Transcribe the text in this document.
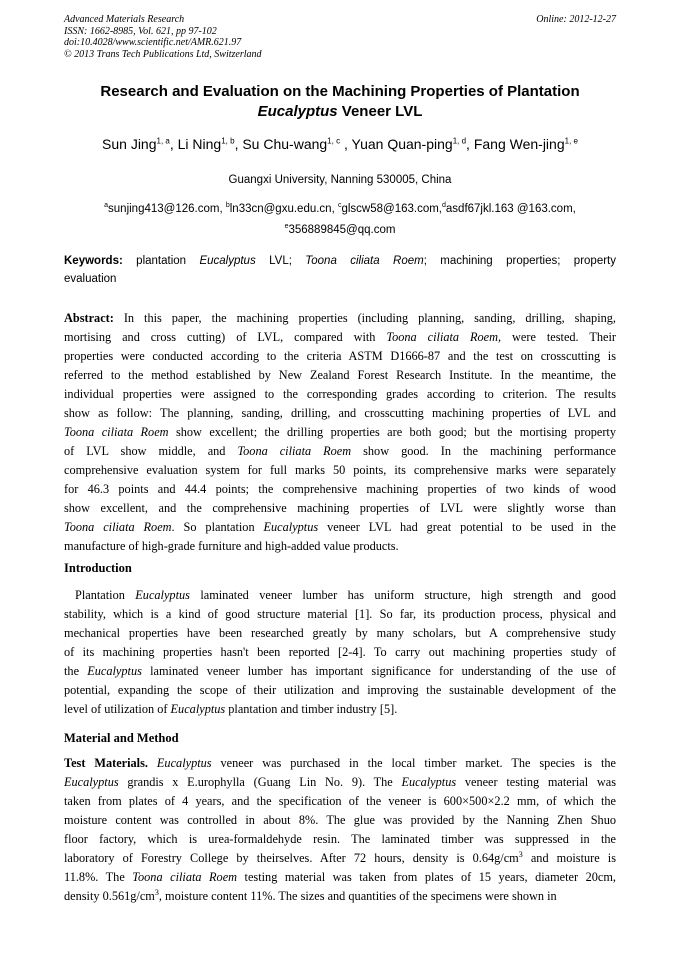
Advanced Materials Research
ISSN: 1662-8985, Vol. 621, pp 97-102
doi:10.4028/www.scientific.net/AMR.621.97
© 2013 Trans Tech Publications Ltd, Switzerland
Online: 2012-12-27
Research and Evaluation on the Machining Properties of Plantation
Eucalyptus Veneer LVL
Sun Jing$^{1, a}$, Li Ning$^{1, b}$, Su Chu-wang$^{1, c}$ , Yuan Quan-ping$^{1, d}$, Fang Wen-jing$^{1, e}$
Guangxi University, Nanning 530005, China
$^a$sunjing413@126.com, $^b$ln33cn@gxu.edu.cn, $^c$glscw58@163.com,$^d$asdf67jkl.163 @163.com,
$^e$356889845@qq.com
Keywords: plantation Eucalyptus LVL; Toona ciliata Roem; machining properties; property
evaluation
Abstract: In this paper, the machining properties (including planning, sanding, drilling, shaping,
mortising and cross cutting) of LVL, compared with Toona ciliata Roem, were tested. Their
properties were conducted according to the criteria ASTM D1666-87 and the test on crosscutting is
referred to the method established by New Zealand Forest Research Institute. In the meantime, the
individual properties were assigned to the corresponding grades according to criterion. The results
show as follow: The planning, sanding, drilling, and crosscutting machining properties of LVL and
Toona ciliata Roem show excellent; the drilling properties are both good; but the mortising property
of LVL show middle, and Toona ciliata Roem show good. In the machining performance
comprehensive evaluation system for full marks 50 points, its comprehensive marks were separately
for 46.3 points and 44.4 points; the comprehensive machining properties of two kinds of wood
show excellent, and the comprehensive machining properties of LVL were slightly worse than
Toona ciliata Roem. So plantation Eucalyptus veneer LVL had great potential to be used in the
manufacture of high-grade furniture and high-added value products.
Introduction
Plantation Eucalyptus laminated veneer lumber has uniform structure, high strength and good
stability, which is a kind of good structure material [1]. So far, its production process, physical and
mechanical properties have been researched greatly by many scholars, but A comprehensive study
of its machining properties hasn't been reported [2-4]. To carry out machining properties study of
the Eucalyptus laminated veneer lumber has important significance for understanding of the use of
potential, expanding the scope of their utilization and improving the sustainable development of the
level of utilization of Eucalyptus plantation and timber industry [5].
Material and Method
Test Materials. Eucalyptus veneer was purchased in the local timber market. The species is the
Eucalyptus grandis x E.urophylla (Guang Lin No. 9). The Eucalyptus veneer testing material was
taken from plates of 4 years, and the specification of the veneer is 600×500×2.2 mm, of which the
moisture content was controlled in about 8%. The glue was provided by the Nanning Zhen Shuo
floor factory, which is urea-formaldehyde resin. The laminated timber was suppressed in the
laboratory of Forestry College by theirselves. After 72 hours, density is $0.64g/cm^3$ and moisture is
11.8%. The Toona ciliata Roem testing material was taken from plates of 15 years, diameter 20cm,
density $0.561g/cm^3$, moisture content 11%. The sizes and quantities of the specimens were shown in
